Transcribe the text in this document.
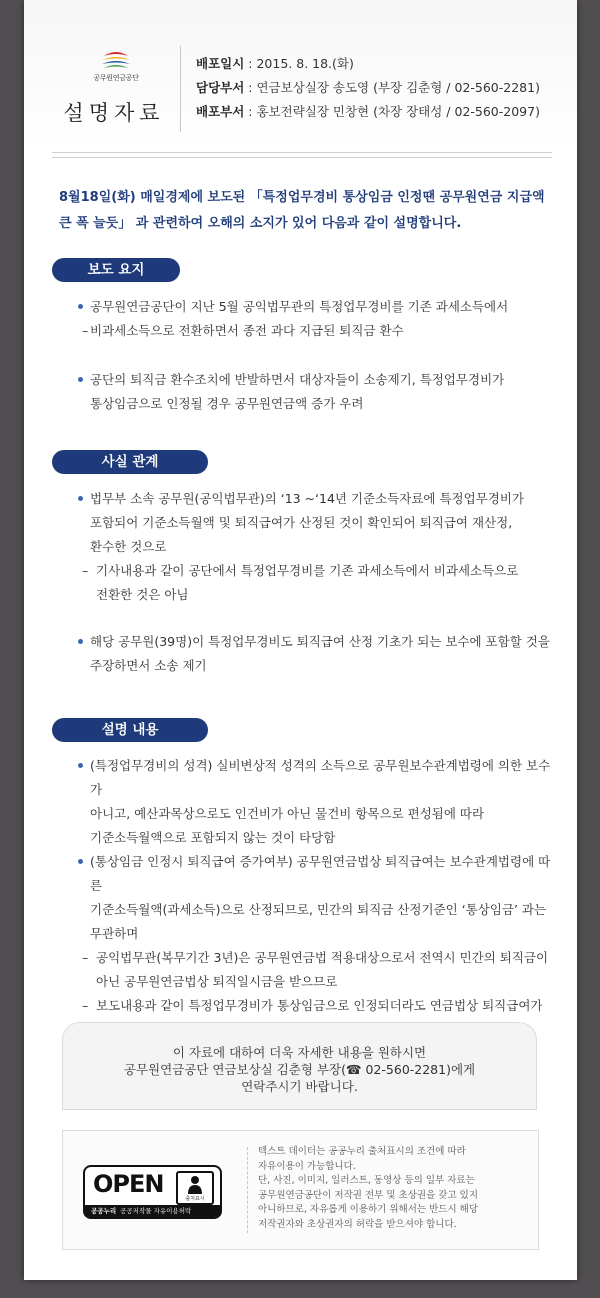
공무원연금공단
설명자료
배포일시 : 2015. 8. 18.(화)
담당부서 : 연금보상실장 송도영 (부장 김춘형 / 02-560-2281)
배포부서 : 홍보전략실장 민창현 (차장 장태성 / 02-560-2097)
8월18일(화) 매일경제에 보도된 「특정업무경비 통상임금 인정땐 공무원연금 지급액
큰 폭 늘듯」 과 관련하여 오해의 소지가 있어 다음과 같이 설명합니다.
보도 요지
공무원연금공단이 지난 5월 공익법무관의 특정업무경비를 기존 과세소득에서
– 비과세소득으로 전환하면서 종전 과다 지급된 퇴직금 환수
공단의 퇴직금 환수조치에 반발하면서 대상자들이 소송제기, 특정업무경비가
통상임금으로 인정될 경우 공무원연금액 증가 우려
사실 관계
법무부 소속 공무원(공익법무관)의 ‘13 ~‘14년 기준소득자료에 특정업무경비가
포함되어 기준소득월액 및 퇴직급여가 산정된 것이 확인되어 퇴직급여 재산정,
환수한 것으로
– 기사내용과 같이 공단에서 특정업무경비를 기존 과세소득에서 비과세소득으로
전환한 것은 아님
해당 공무원(39명)이 특정업무경비도 퇴직급여 산정 기초가 되는 보수에 포함할 것을
주장하면서 소송 제기
설명 내용
(특정업무경비의 성격) 실비변상적 성격의 소득으로 공무원보수관계법령에 의한 보수가
아니고, 예산과목상으로도 인건비가 아닌 물건비 항목으로 편성됨에 따라
기준소득월액으로 포함되지 않는 것이 타당함
(통상임금 인정시 퇴직급여 증가여부) 공무원연금법상 퇴직급여는 보수관계법령에 따른
기준소득월액(과세소득)으로 산정되므로, 민간의 퇴직금 산정기준인 ‘통상임금’ 과는
무관하며
– 공익법무관(복무기간 3년)은 공무원연금법 적용대상으로서 전역시 민간의 퇴직금이
아닌 공무원연금법상 퇴직일시금을 받으므로
– 보도내용과 같이 특정업무경비가 통상임금으로 인정되더라도 연금법상 퇴직급여가
이 자료에 대하여 더욱 자세한 내용을 원하시면
공무원연금공단 연금보상실 김춘형 부장(☎ 02-560-2281)에게
연락주시기 바랍니다.
OPEN
출처표시
공공누리 공공저작물 자유이용허락
텍스트 데이터는 공공누리 출처표시의 조건에 따라
자유이용이 가능합니다.
단, 사진, 이미지, 일러스트, 동영상 등의 일부 자료는
공무원연금공단이 저작권 전부 및 초상권을 갖고 있지
아니하므로, 자유롭게 이용하기 위해서는 반드시 해당
저작권자와 초상권자의 허락을 받으셔야 합니다.
